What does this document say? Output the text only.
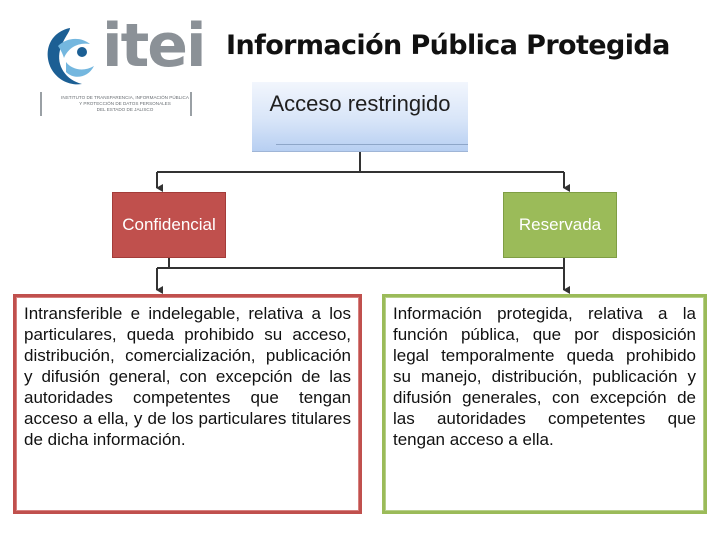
itei
INSTITUTO DE TRANSPARENCIA, INFORMACIÓN PÚBLICA
Y PROTECCIÓN DE DATOS PERSONALES
DEL ESTADO DE JALISCO
Información Pública Protegida
Acceso restringido
Confidencial	Reservada
Intransferible e indelegable, relativa a los particulares, queda prohibido su acceso, distribución, comercialización, publicación y difusión general, con excepción de las autoridades competentes que tengan acceso a ella, y de los particulares titulares de dicha información.
Información protegida, relativa a la función pública, que por disposición legal temporalmente queda prohibido su manejo, distribución, publicación y difusión generales, con excepción de las autoridades competentes que tengan acceso a ella.
